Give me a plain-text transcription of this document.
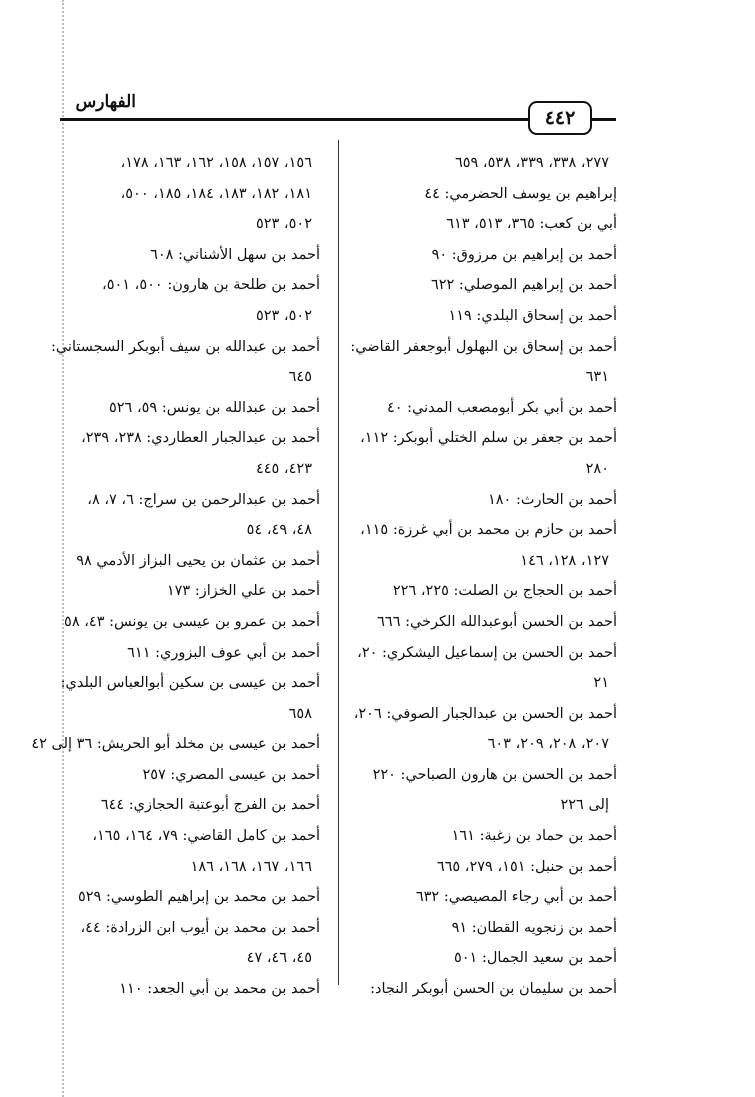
الفهارس
٤٤٢
٢٧٧، ٣٣٨، ٣٣٩، ٥٣٨، ٦٥٩
إبراهيم بن يوسف الحضرمي: ٤٤
أبي بن كعب: ٣٦٥، ٥١٣، ٦١٣
أحمد بن إبراهيم بن مرزوق: ٩٠
أحمد بن إبراهيم الموصلي: ٦٢٢
أحمد بن إسحاق البلدي: ١١٩
أحمد بن إسحاق بن البهلول أبوجعفر القاضي:
٦٣١
أحمد بن أبي بكر أبومصعب المدني: ٤٠
أحمد بن جعفر بن سلم الختلي أبوبكر: ١١٢،
٢٨٠
أحمد بن الحارث: ١٨٠
أحمد بن حازم بن محمد بن أبي غرزة: ١١٥،
١٢٧، ١٢٨، ١٤٦
أحمد بن الحجاج بن الصلت: ٢٢٥، ٢٢٦
أحمد بن الحسن أبوعبدالله الكرخي: ٦٦٦
أحمد بن الحسن بن إسماعيل اليشكري: ٢٠،
٢١
أحمد بن الحسن بن عبدالجبار الصوفي: ٢٠٦،
٢٠٧، ٢٠٨، ٢٠٩، ٦٠٣
أحمد بن الحسن بن هارون الصباحي: ٢٢٠
إلى ٢٢٦
أحمد بن حماد بن زغبة: ١٦١
أحمد بن حنبل: ١٥١، ٢٧٩، ٦٦٥
أحمد بن أبي رجاء المصيصي: ٦٣٢
أحمد بن زنجويه القطان: ٩١
أحمد بن سعيد الجمال: ٥٠١
أحمد بن سليمان بن الحسن أبوبكر النجاد:
١٥٦، ١٥٧، ١٥٨، ١٦٢، ١٦٣، ١٧٨،
١٨١، ١٨٢، ١٨٣، ١٨٤، ١٨٥، ٥٠٠،
٥٠٢، ٥٢٣
أحمد بن سهل الأشناني: ٦٠٨
أحمد بن طلحة بن هارون: ٥٠٠، ٥٠١،
٥٠٢، ٥٢٣
أحمد بن عبدالله بن سيف أبوبكر السجستاني:
٦٤٥
أحمد بن عبدالله بن يونس: ٥٩، ٥٢٦
أحمد بن عبدالجبار العطاردي: ٢٣٨، ٢٣٩،
٤٢٣، ٤٤٥
أحمد بن عبدالرحمن بن سراج: ٦، ٧، ٨،
٤٨، ٤٩، ٥٤
أحمد بن عثمان بن يحيى البزاز الأدمي ٩٨
أحمد بن علي الخزاز: ١٧٣
أحمد بن عمرو بن عيسى بن يونس: ٤٣، ٥٨
أحمد بن أبي عوف البزوري: ٦١١
أحمد بن عيسى بن سكين أبوالعباس البلدي:
٦٥٨
أحمد بن عيسى بن مخلد أبو الحريش: ٣٦ إلى ٤٢
أحمد بن عيسى المصري: ٢٥٧
أحمد بن الفرج أبوعتبة الحجازي: ٦٤٤
أحمد بن كامل القاضي: ٧٩، ١٦٤، ١٦٥،
١٦٦، ١٦٧، ١٦٨، ١٨٦
أحمد بن محمد بن إبراهيم الطوسي: ٥٢٩
أحمد بن محمد بن أيوب ابن الزرادة: ٤٤،
٤٥، ٤٦، ٤٧
أحمد بن محمد بن أبي الجعد: ١١٠
